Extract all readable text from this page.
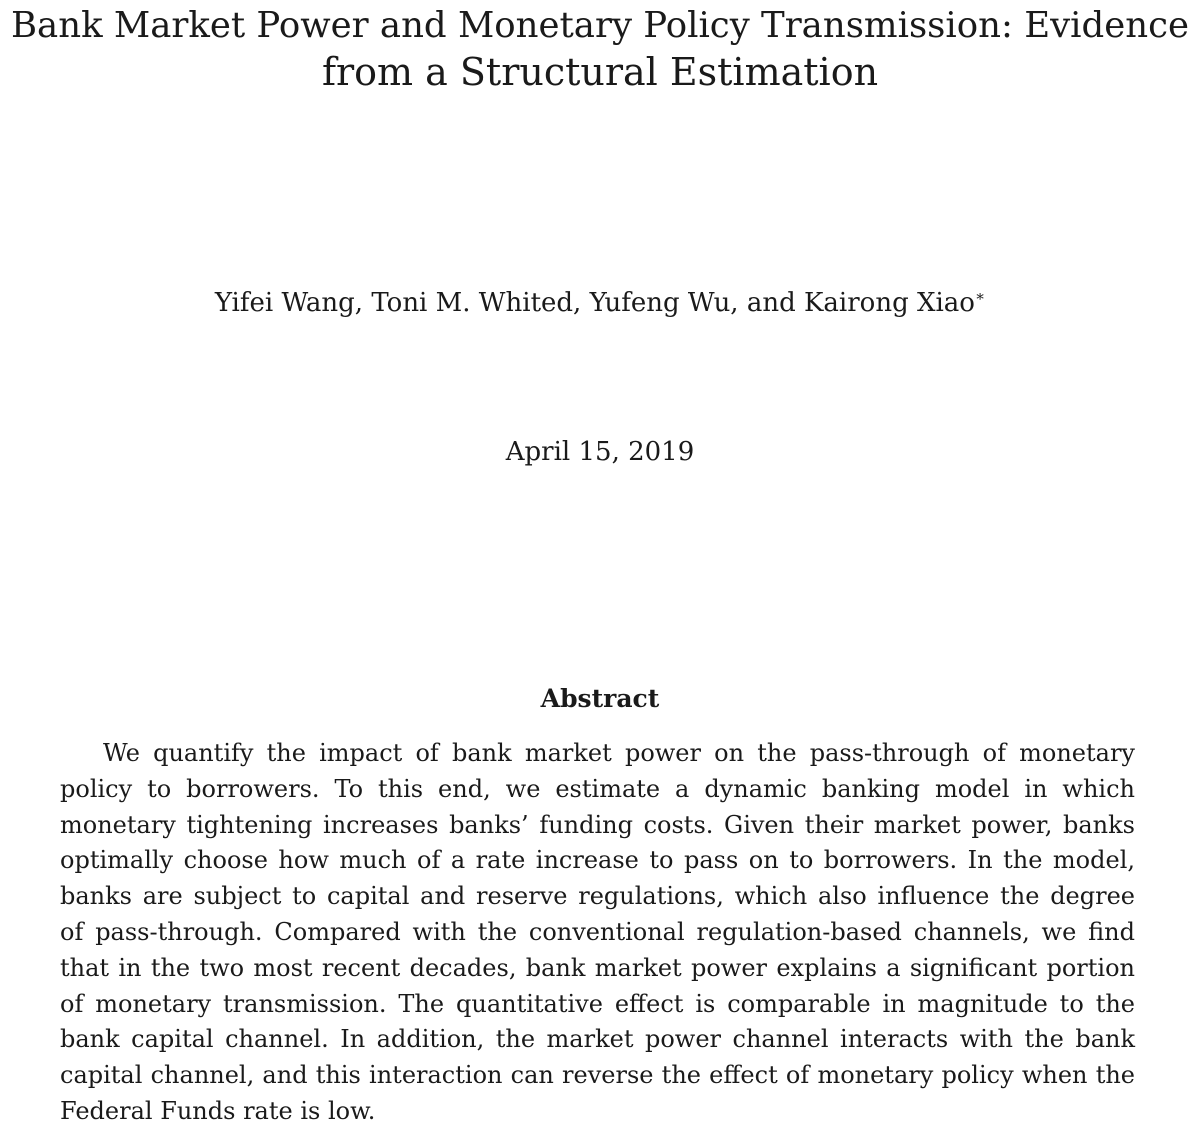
Bank Market Power and Monetary Policy Transmission: Evidence
from a Structural Estimation
Yifei Wang, Toni M. Whited, Yufeng Wu, and Kairong Xiao∗
April 15, 2019
Abstract
We quantify the impact of bank market power on the pass-through of monetary
policy to borrowers. To this end, we estimate a dynamic banking model in which
monetary tightening increases banks’ funding costs. Given their market power, banks
optimally choose how much of a rate increase to pass on to borrowers. In the model,
banks are subject to capital and reserve regulations, which also influence the degree
of pass-through. Compared with the conventional regulation-based channels, we find
that in the two most recent decades, bank market power explains a significant portion
of monetary transmission. The quantitative effect is comparable in magnitude to the
bank capital channel. In addition, the market power channel interacts with the bank
capital channel, and this interaction can reverse the effect of monetary policy when the
Federal Funds rate is low.
